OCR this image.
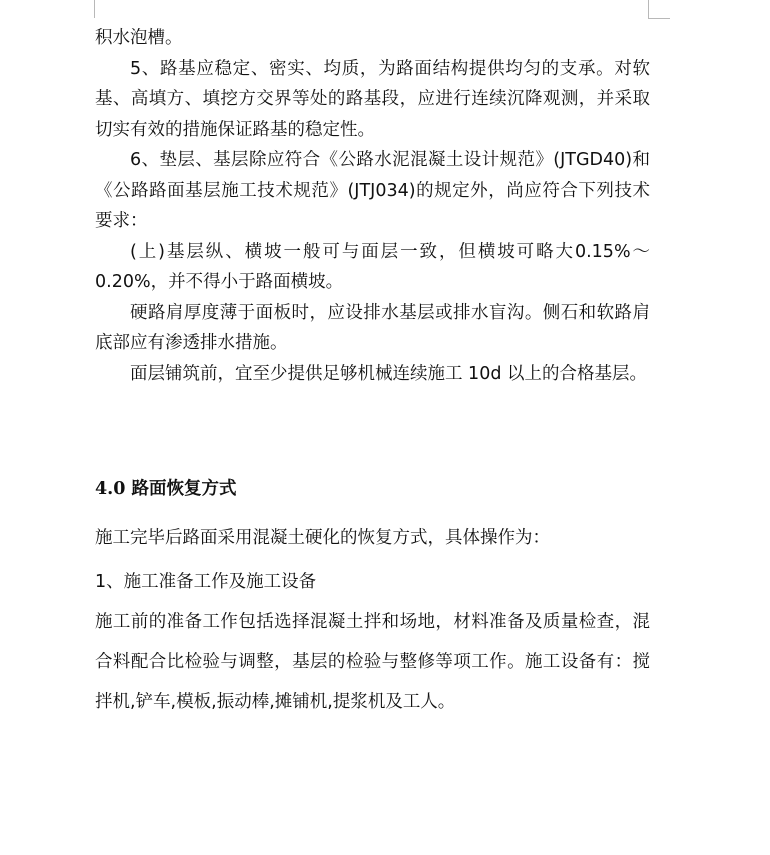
积水泡槽。

5、路基应稳定、密实、均质，为路面结构提供均匀的支承。对软基、高填方、填挖方交界等处的路基段，应进行连续沉降观测，并采取切实有效的措施保证路基的稳定性。

6、垫层、基层除应符合《公路水泥混凝土设计规范》(JTGD40)和《公路路面基层施工技术规范》(JTJ034)的规定外，尚应符合下列技术要求：

(上)基层纵、横坡一般可与面层一致，但横坡可略大0.15%～0.20%，并不得小于路面横坡。

硬路肩厚度薄于面板时，应设排水基层或排水盲沟。侧石和软路肩底部应有渗透排水措施。

面层铺筑前，宜至少提供足够机械连续施工 10d 以上的合格基层。

4.0 路面恢复方式

施工完毕后路面采用混凝土硬化的恢复方式，具体操作为：

1、施工准备工作及施工设备

施工前的准备工作包括选择混凝土拌和场地，材料准备及质量检查，混合料配合比检验与调整，基层的检验与整修等项工作。施工设备有：搅拌机,铲车,模板,振动棒,摊铺机,提浆机及工人。
